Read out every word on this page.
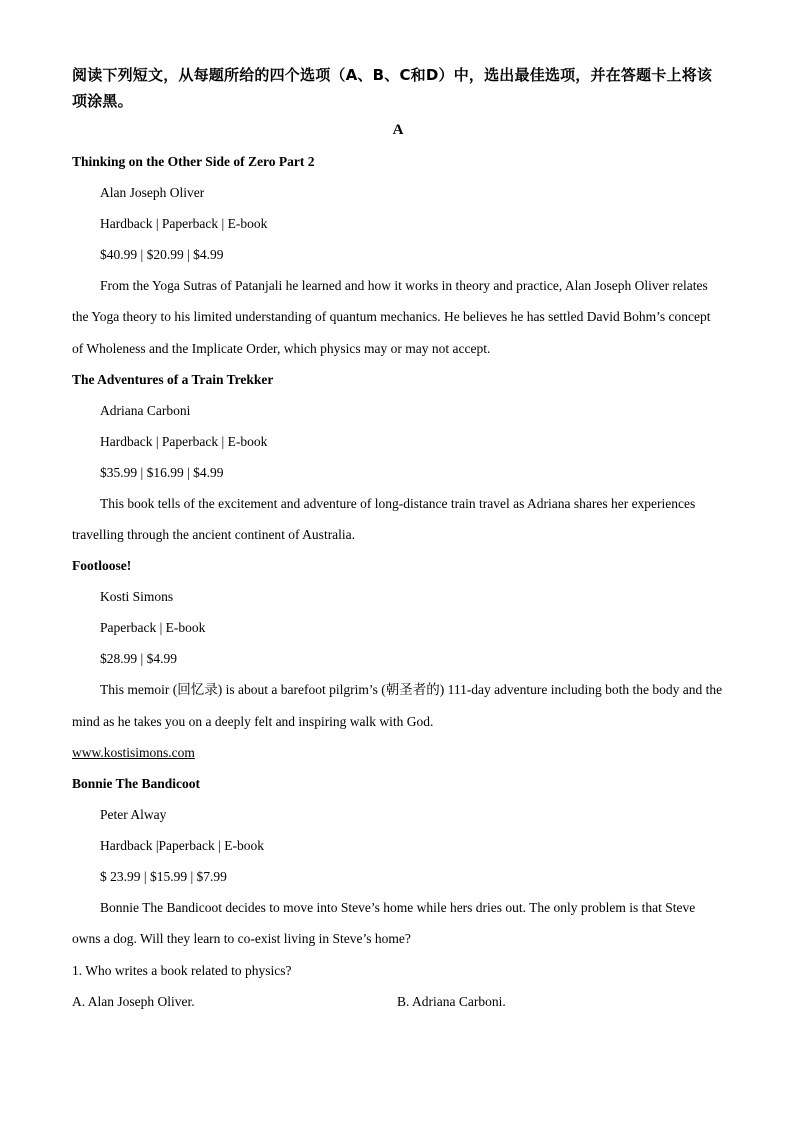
阅读下列短文，从每题所给的四个选项（A、B、C和D）中，选出最佳选项，并在答题卡上将该项涂黑。

A

Thinking on the Other Side of Zero Part 2

Alan Joseph Oliver

Hardback | Paperback | E-book

$40.99 | $20.99 | $4.99

From the Yoga Sutras of Patanjali he learned and how it works in theory and practice, Alan Joseph Oliver relates the Yoga theory to his limited understanding of quantum mechanics. He believes he has settled David Bohm’s concept of Wholeness and the Implicate Order, which physics may or may not accept.

The Adventures of a Train Trekker

Adriana Carboni

Hardback | Paperback | E-book

$35.99 | $16.99 | $4.99

This book tells of the excitement and adventure of long-distance train travel as Adriana shares her experiences travelling through the ancient continent of Australia.

Footloose!

Kosti Simons

Paperback | E-book

$28.99 | $4.99

This memoir (回忆录) is about a barefoot pilgrim’s (朝圣者的) 111-day adventure including both the body and the mind as he takes you on a deeply felt and inspiring walk with God.

www.kostisimons.com

Bonnie The Bandicoot

Peter Alway

Hardback |Paperback | E-book

$ 23.99 | $15.99 | $7.99

Bonnie The Bandicoot decides to move into Steve’s home while hers dries out. The only problem is that Steve owns a dog. Will they learn to co-exist living in Steve’s home?

1. Who writes a book related to physics?

A. Alan Joseph Oliver.	B. Adriana Carboni.
